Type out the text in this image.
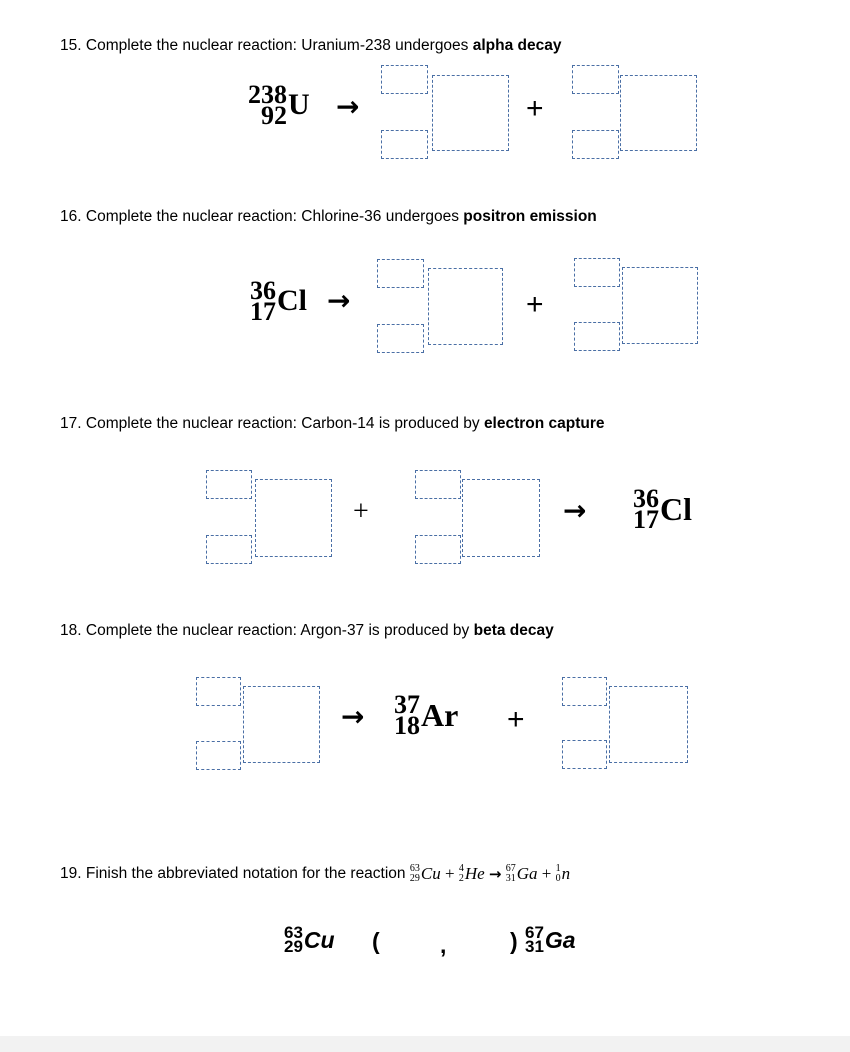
15. Complete the nuclear reaction: Uranium-238 undergoes alpha decay
238
92 U →	+
16. Complete the nuclear reaction: Chlorine-36 undergoes positron emission
36
17 Cl →	+
17. Complete the nuclear reaction: Carbon-14 is produced by electron capture
+	→ 36
17 Cl
18. Complete the nuclear reaction: Argon-37 is produced by beta decay
→ 37
18 Ar +
19.
Finish the abbreviated notation for the reaction
63
29 Cu
+
4
2 He
→
67
31 Ga
+
1
0 n
63
29 Cu (	,	) 67
31 Ga
